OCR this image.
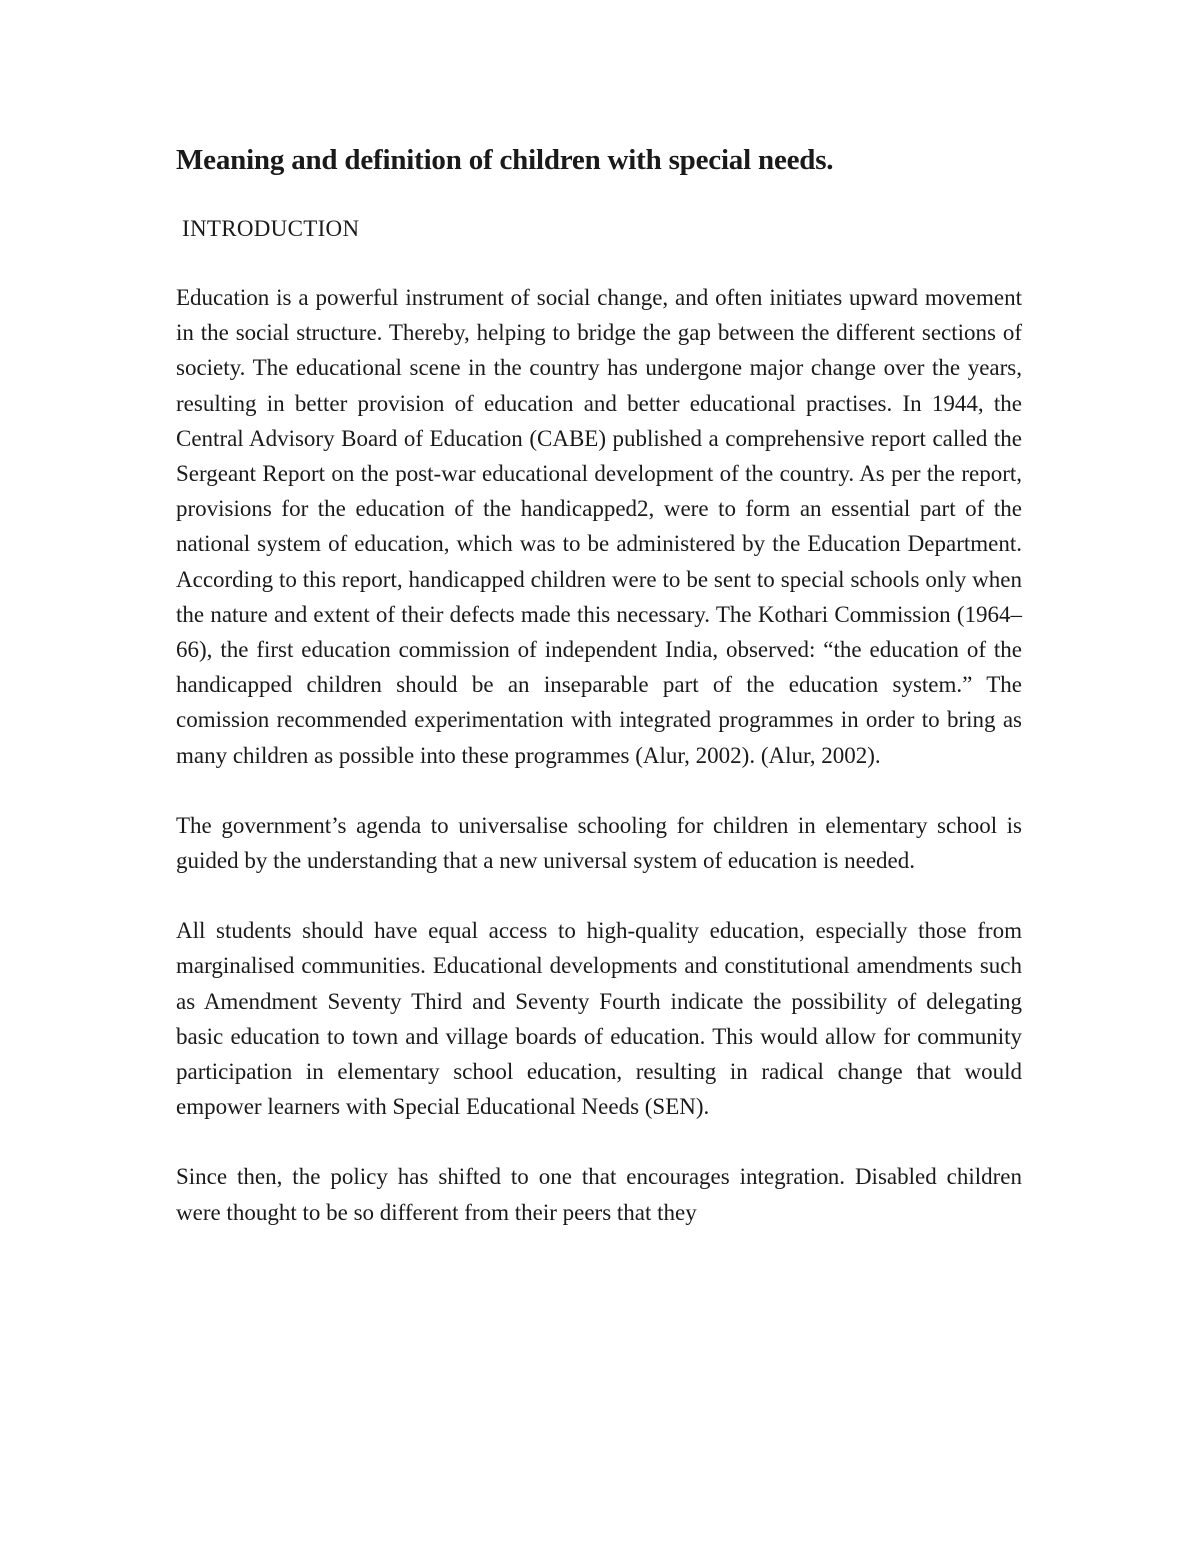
Meaning and definition of children with special needs.
INTRODUCTION

Education is a powerful instrument of social change, and often initiates upward movement in the social structure. Thereby, helping to bridge the gap between the different sections of society. The educational scene in the country has undergone major change over the years, resulting in better provision of education and better educational practises. In 1944, the Central Advisory Board of Education (CABE) published a comprehensive report called the Sergeant Report on the post-war educational development of the country. As per the report, provisions for the education of the handicapped2, were to form an essential part of the national system of education, which was to be administered by the Education Department. According to this report, handicapped children were to be sent to special schools only when the nature and extent of their defects made this necessary. The Kothari Commission (1964–66), the first education commission of independent India, observed: “the education of the handicapped children should be an inseparable part of the education system.” The comission recommended experimentation with integrated programmes in order to bring as many children as possible into these programmes (Alur, 2002). (Alur, 2002).

The government’s agenda to universalise schooling for children in elementary school is guided by the understanding that a new universal system of education is needed.

All students should have equal access to high-quality education, especially those from marginalised communities. Educational developments and constitutional amendments such as Amendment Seventy Third and Seventy Fourth indicate the possibility of delegating basic education to town and village boards of education. This would allow for community participation in elementary school education, resulting in radical change that would empower learners with Special Educational Needs (SEN).

Since then, the policy has shifted to one that encourages integration. Disabled children were thought to be so different from their peers that they
